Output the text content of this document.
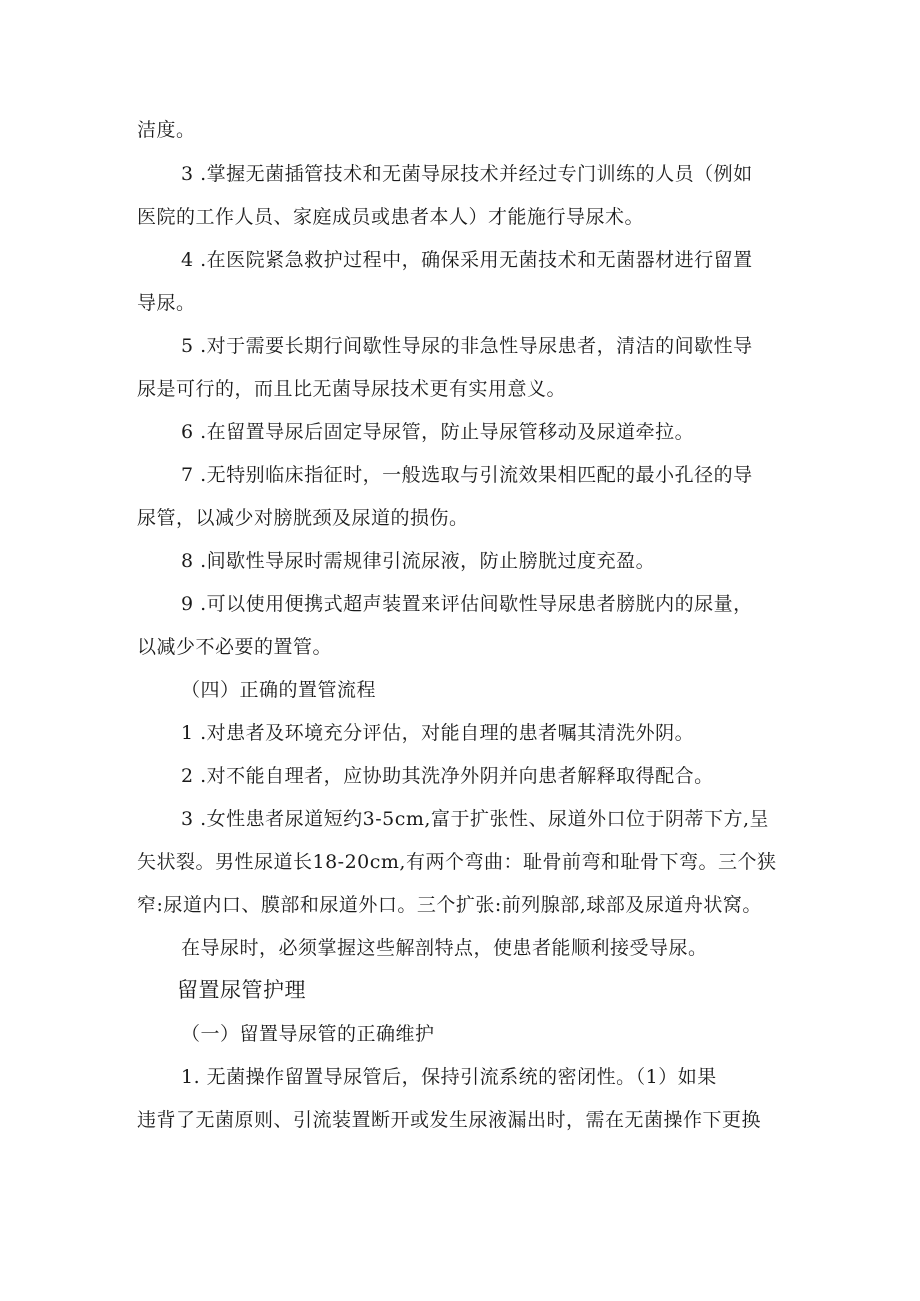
洁度。
3 .掌握无菌插管技术和无菌导尿技术并经过专门训练的人员（例如
医院的工作人员、家庭成员或患者本人）才能施行导尿术。
4 .在医院紧急救护过程中，确保采用无菌技术和无菌器材进行留置
导尿。
5 .对于需要长期行间歇性导尿的非急性导尿患者，清洁的间歇性导
尿是可行的，而且比无菌导尿技术更有实用意义。
6 .在留置导尿后固定导尿管，防止导尿管移动及尿道牵拉。
7 .无特别临床指征时，一般选取与引流效果相匹配的最小孔径的导
尿管，以减少对膀胱颈及尿道的损伤。
8 .间歇性导尿时需规律引流尿液，防止膀胱过度充盈。
9 .可以使用便携式超声装置来评估间歇性导尿患者膀胱内的尿量，
以减少不必要的置管。
（四）正确的置管流程
1 .对患者及环境充分评估，对能自理的患者嘱其清洗外阴。
2 .对不能自理者，应协助其洗净外阴并向患者解释取得配合。
3 .女性患者尿道短约3-5cm,富于扩张性、尿道外口位于阴蒂下方,呈
矢状裂。男性尿道长18-20cm,有两个弯曲：耻骨前弯和耻骨下弯。三个狭
窄:尿道内口、膜部和尿道外口。三个扩张:前列腺部,球部及尿道舟状窝。
在导尿时，必须掌握这些解剖特点，使患者能顺利接受导尿。
留置尿管护理
（一）留置导尿管的正确维护
1. 无菌操作留置导尿管后，保持引流系统的密闭性。（1）如果
违背了无菌原则、引流装置断开或发生尿液漏出时，需在无菌操作下更换
